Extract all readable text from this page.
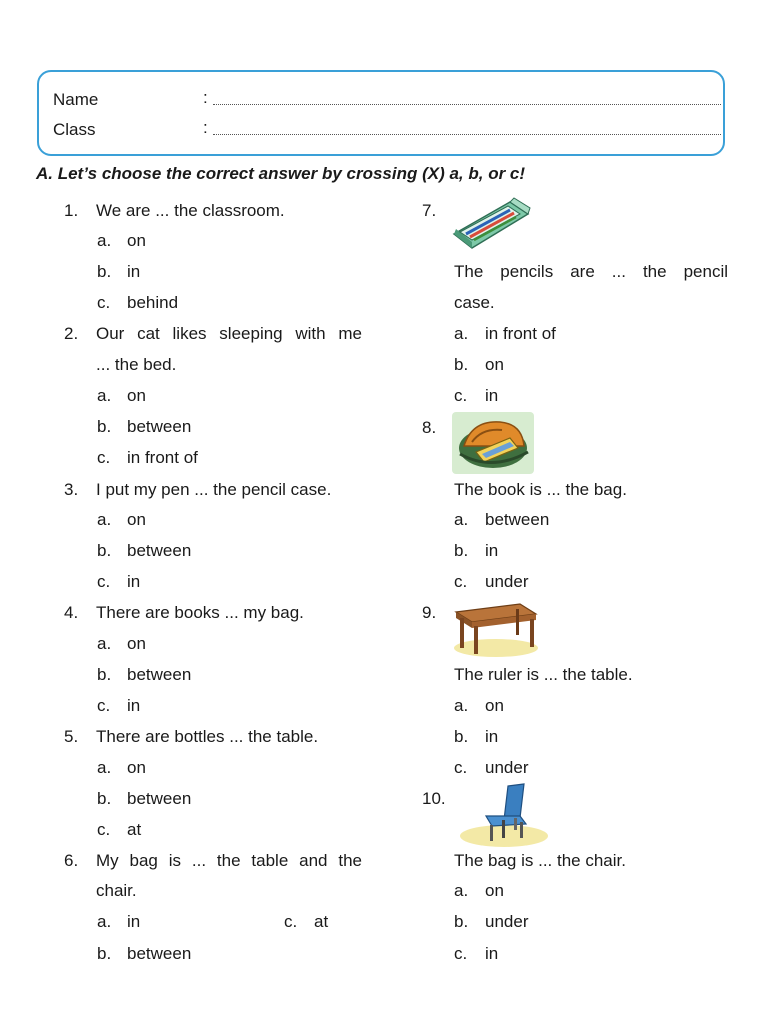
Name	:
Class	:
A. Let’s choose the correct answer by crossing (X) a, b, or c!
1. We are ... the classroom.
a. on
b. in
c. behind
2. Our cat likes sleeping with me
... the bed.
a. on
b. between
c. in front of
3. I put my pen ... the pencil case.
a. on
b. between
c. in
4. There are books ... my bag.
a. on
b. between
c. in
5. There are bottles ... the table.
a. on
b. between
c. at
6. My bag is ... the table and the
chair.
a. in	c. at
b. between
7.
The pencils are ... the pencil
case.
a. in front of
b. on
c. in
8.
The book is ... the bag.
a. between
b. in
c. under
9.
The ruler is ... the table.
a. on
b. in
c. under
10.
The bag is ... the chair.
a. on
b. under
c. in
